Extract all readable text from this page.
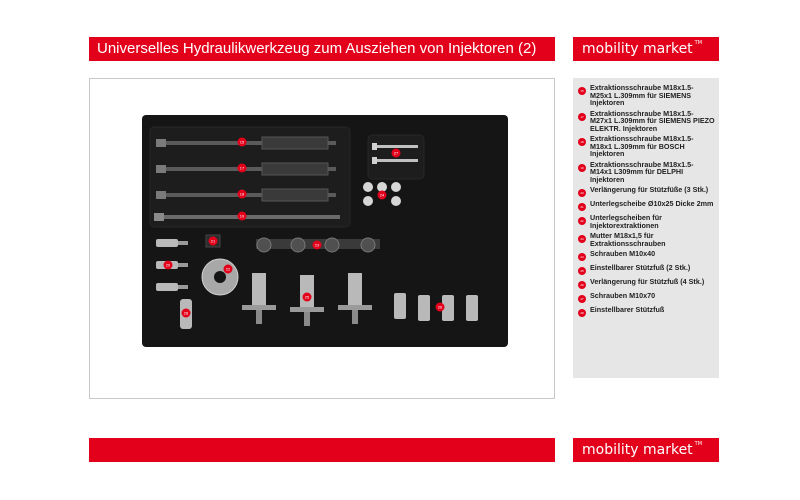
Universelles Hydraulikwerkzeug zum Ausziehen von Injektoren (2)	mobility market ™
15
17
18
19
27
24
21
23
20
22
28
25
26
15 Extraktionsschraube M18x1.5-M25x1 L.309mm für SIEMENS Injektoren
17 Extraktionsschraube M18x1.5-M27x1 L.309mm für SIEMENS PIEZO ELEKTR. Injektoren
18 Extraktionsschraube M18x1.5-M18x1 L.309mm für BOSCH Injektoren
19 Extraktionsschraube M18x1.5-M14x1 L309mm für DELPHI Injektoren
20 Verlängerung für Stützfüße (3 Stk.)
21 Unterlegscheibe Ø10x25 Dicke 2mm
22 Unterlegscheiben für Injektorextraktionen
23 Mutter M18x1,5 für Extraktionsschrauben
24 Schrauben M10x40
25 Einstellbarer Stützfuß (2 Stk.)
26 Verlängerung für Stützfuß (4 Stk.)
27 Schrauben M10x70
28 Einstellbarer Stützfuß
mobility market ™
